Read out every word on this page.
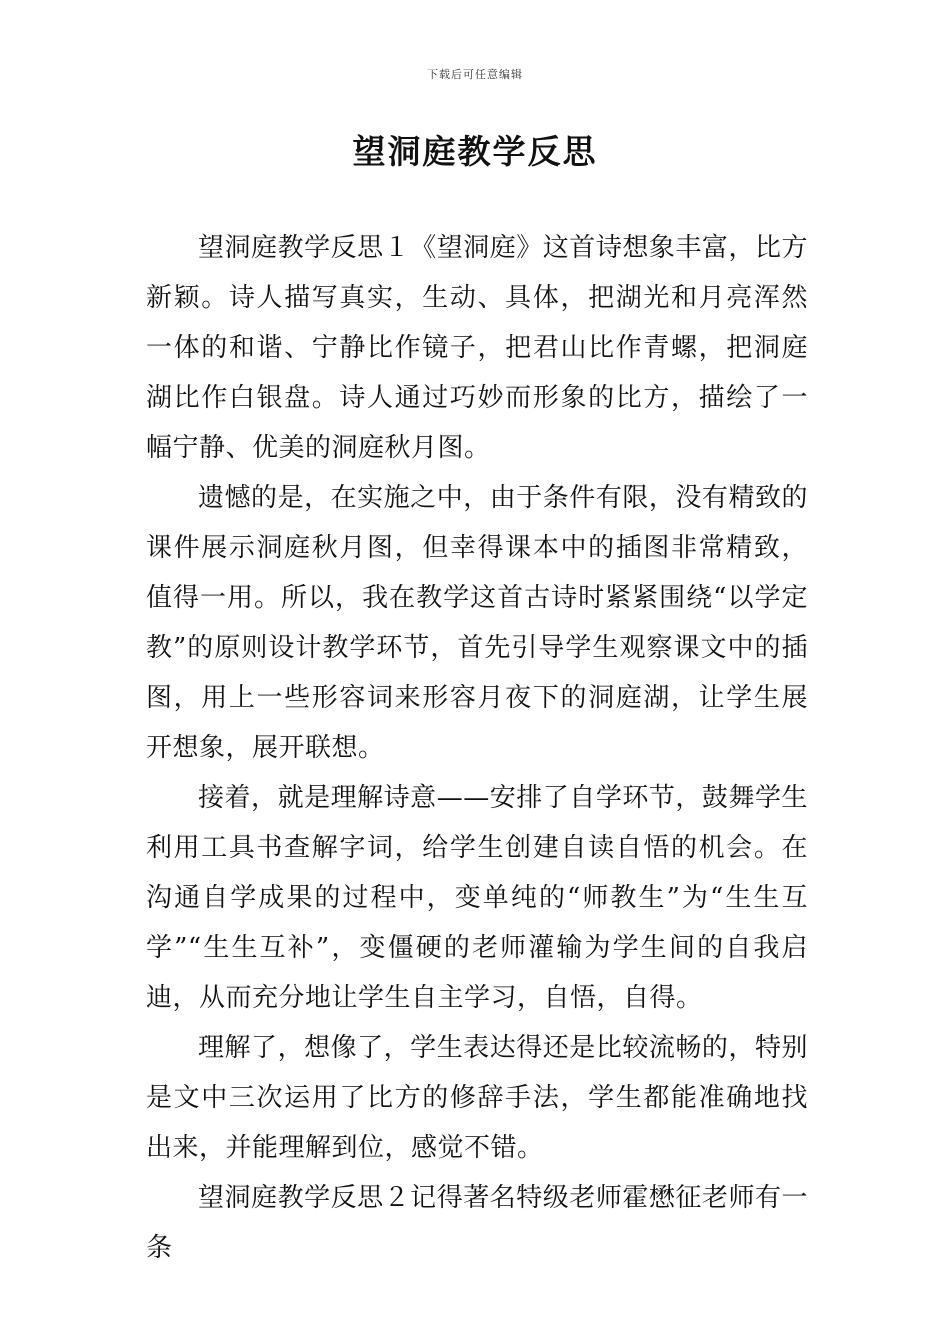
下载后可任意编辑
望洞庭教学反思

望洞庭教学反思１《望洞庭》这首诗想象丰富，比方新颖。诗人描写真实，生动、具体，把湖光和月亮浑然一体的和谐、宁静比作镜子，把君山比作青螺，把洞庭湖比作白银盘。诗人通过巧妙而形象的比方，描绘了一幅宁静、优美的洞庭秋月图。

遗憾的是，在实施之中，由于条件有限，没有精致的课件展示洞庭秋月图，但幸得课本中的插图非常精致，值得一用。所以，我在教学这首古诗时紧紧围绕“以学定教”的原则设计教学环节，首先引导学生观察课文中的插图，用上一些形容词来形容月夜下的洞庭湖，让学生展开想象，展开联想。

接着，就是理解诗意——安排了自学环节，鼓舞学生利用工具书查解字词，给学生创建自读自悟的机会。在沟通自学成果的过程中，变单纯的“师教生”为“生生互学”“生生互补”，变僵硬的老师灌输为学生间的自我启迪，从而充分地让学生自主学习，自悟，自得。

理解了，想像了，学生表达得还是比较流畅的，特别是文中三次运用了比方的修辞手法，学生都能准确地找出来，并能理解到位，感觉不错。

望洞庭教学反思２记得著名特级老师霍懋征老师有一条
